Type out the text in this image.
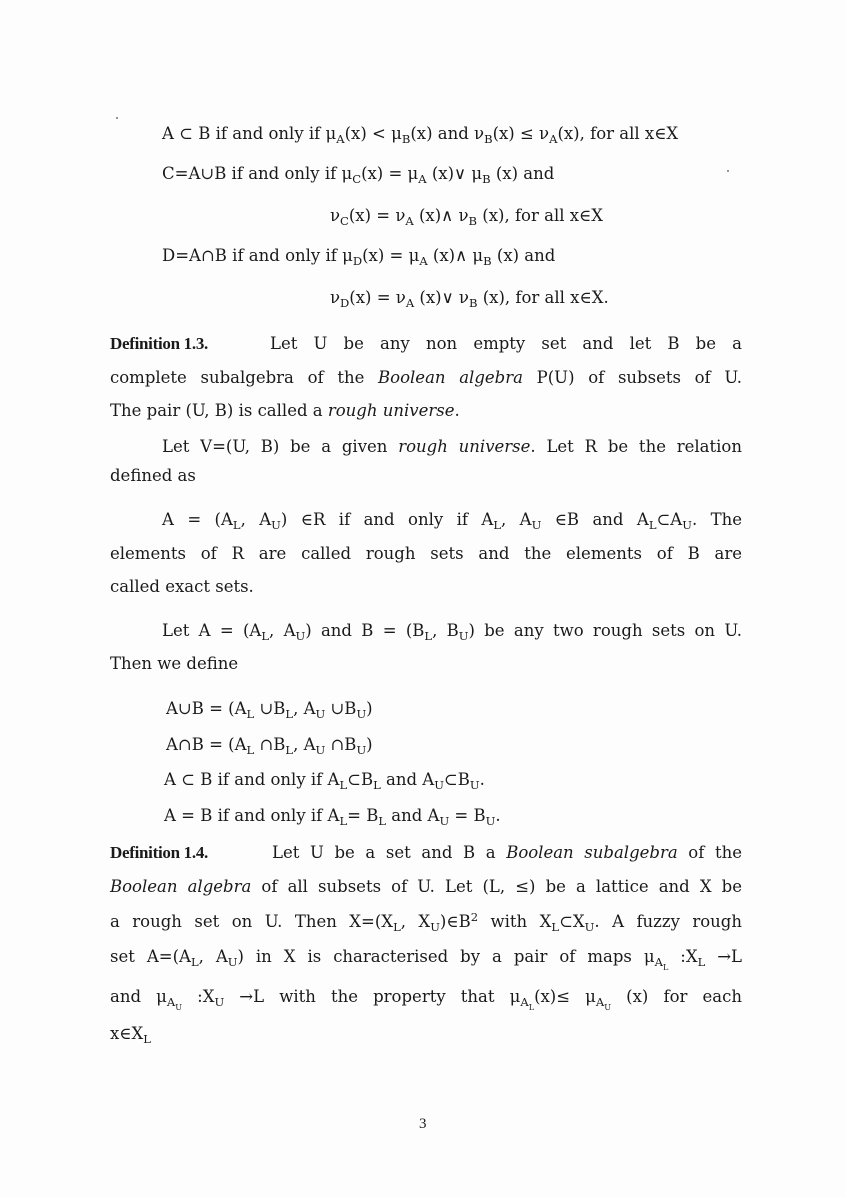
A ⊂ B if and only if $\mu_A(x) < \mu_B(x)$ and $\nu_B(x) \le \nu_A(x)$, for all x∈X
C=A∪B if and only if $\mu_C(x) = \mu_A$ (x)∨ $\mu_B$ (x) and
$\nu_C(x) = \nu_A$ (x)∧ $\nu_B$ (x), for all x∈X
D=A∩B if and only if $\mu_D(x) = \mu_A$ (x)∧ $\mu_B$ (x) and
$\nu_D(x) = \nu_A$ (x)∨ $\nu_B$ (x), for all x∈X.
Definition 1.3.	Let U be any non empty set and let B be a
complete subalgebra of the Boolean algebra P(U) of subsets of U.
The pair (U, B) is called a rough universe.
Let V=(U, B) be a given rough universe. Let R be the relation
defined as
$A = (A_L$, $A_U$) ∈R if and only if $A_L$, $A_U$ ∈B and $A_L\subset A_U$. The
elements of R are called rough sets and the elements of B are
called exact sets.
Let $A = (A_L$, $A_U$) and $B = (B_L$, $B_U$) be any two rough sets on U.
Then we define
A∪B = ($A_L$ $\cup B_L$, $A_U$ $\cup B_U$)
A∩B = ($A_L$ $\cap B_L$, $A_U$ $\cap B_U$)
A ⊂ B if and only if $A_L\subset B_L$ and $A_U\subset B_U$.
A = B if and only if $A_L= B_L$ and $A_U = B_U$.
Definition 1.4.	Let U be a set and B a Boolean subalgebra of the
Boolean algebra of all subsets of U. Let (L, ≤) be a lattice and X be
a rough set on U. Then $X=(X_L$, $X_U)\in B^2$ with $X_L\subset X_U$. A fuzzy rough
set $A=(A_L$, $A_U$) in X is characterised by a pair of maps $\mu_{A_L}$ $:X_L \to L$
and $\mu_{A_U}$ $:X_U \to L$ with the property that $\mu_{A_L}(x)\le \mu_{A_U}$ (x) for each
$x\in X_L$
3
